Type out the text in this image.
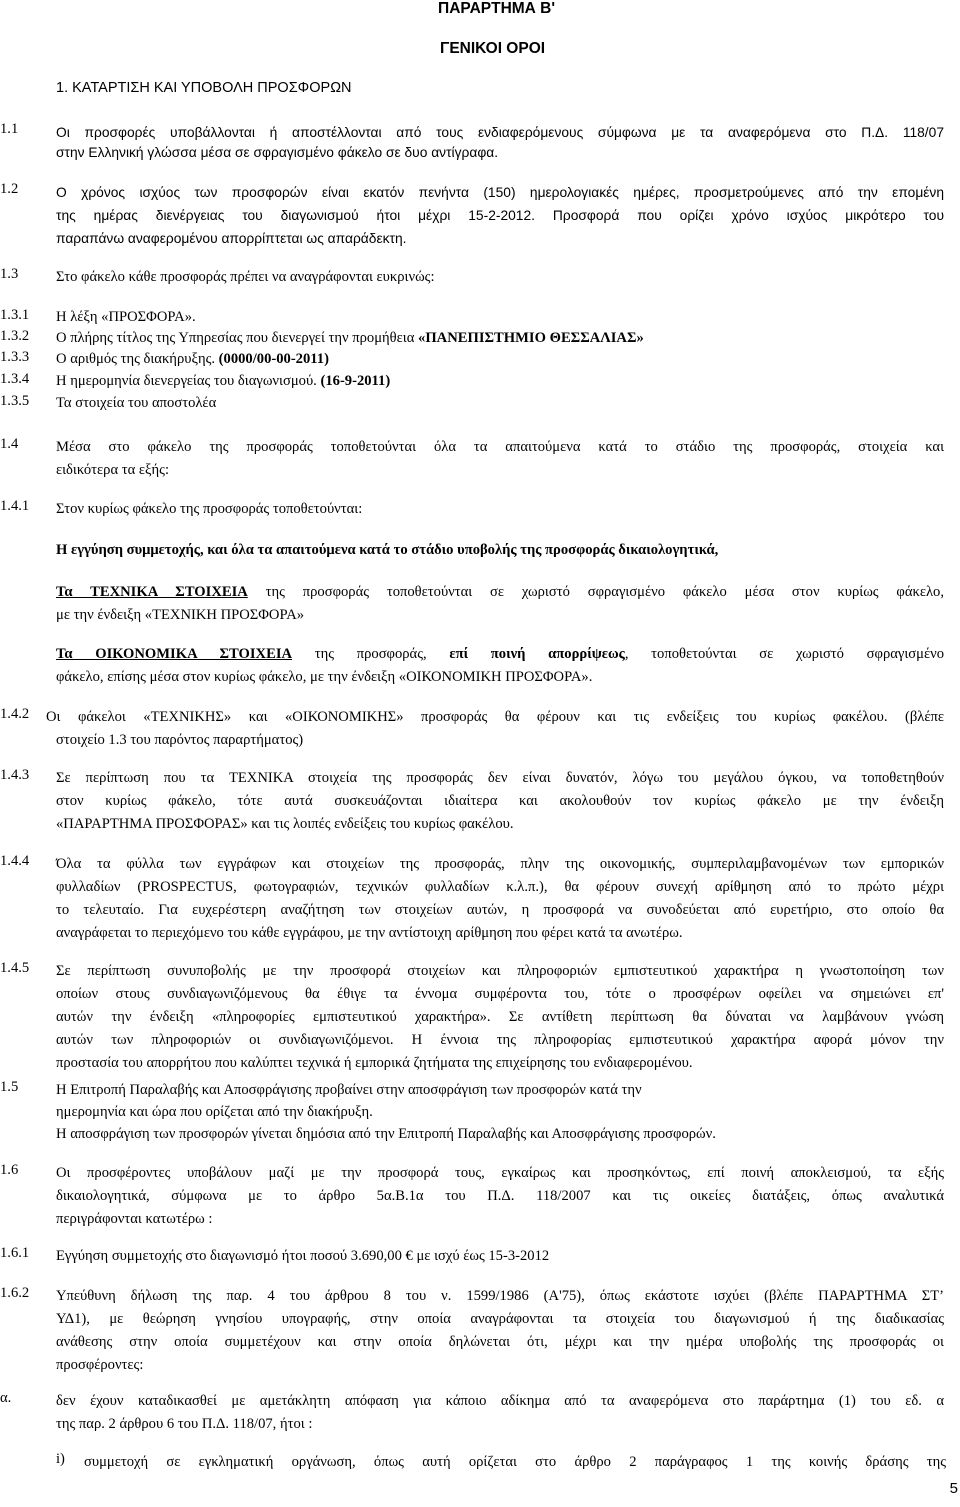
ΠΑΡΑΡΤΗΜΑ Β'
ΓΕΝΙΚΟΙ ΟΡΟΙ
1. ΚΑΤΑΡΤΙΣΗ ΚΑΙ ΥΠΟΒΟΛΗ ΠΡΟΣΦΟΡΩΝ
1.1	Οι προσφορές υποβάλλονται ή αποστέλλονται από τους ενδιαφερόμενους σύμφωνα με τα αναφερόμενα στο Π.Δ. 118/07
στην Ελληνική γλώσσα μέσα σε σφραγισμένο φάκελο σε δυο αντίγραφα.
1.2	Ο χρόνος ισχύος των προσφορών είναι εκατόν πενήντα (150) ημερολογιακές ημέρες, προσμετρούμενες από την επομένη
της ημέρας διενέργειας του διαγωνισμού ήτοι μέχρι 15-2-2012. Προσφορά που ορίζει χρόνο ισχύος μικρότερο του
παραπάνω αναφερομένου απορρίπτεται ως απαράδεκτη.
1.3	Στο φάκελο κάθε προσφοράς πρέπει να αναγράφονται ευκρινώς:
1.3.1 Η λέξη «ΠΡΟΣΦΟΡΑ».
1.3.2 Ο πλήρης τίτλος της Υπηρεσίας που διενεργεί την προμήθεια «ΠΑΝΕΠΙΣΤΗΜΙΟ ΘΕΣΣΑΛΙΑΣ»
1.3.3 Ο αριθμός της διακήρυξης. (0000/00-00-2011)
1.3.4 Η ημερομηνία διενεργείας του διαγωνισμού. (16-9-2011)
1.3.5 Τα στοιχεία του αποστολέα
1.4	Μέσα στο φάκελο της προσφοράς τοποθετούνται όλα τα απαιτούμενα κατά το στάδιο της προσφοράς, στοιχεία και
ειδικότερα τα εξής:
1.4.1 Στον κυρίως φάκελο της προσφοράς τοποθετούνται:
Η εγγύηση συμμετοχής, και όλα τα απαιτούμενα κατά το στάδιο υποβολής της προσφοράς δικαιολογητικά,
Τα ΤΕΧΝΙΚΑ ΣΤΟΙΧΕΙΑ της προσφοράς τοποθετούνται σε χωριστό σφραγισμένο φάκελο μέσα στον κυρίως φάκελο,
με την ένδειξη «ΤΕΧΝΙΚΗ ΠΡΟΣΦΟΡΑ»
Τα ΟΙΚΟΝΟΜΙΚΑ ΣΤΟΙΧΕΙΑ της προσφοράς, επί ποινή απορρίψεως, τοποθετούνται σε χωριστό σφραγισμένο
φάκελο, επίσης μέσα στον κυρίως φάκελο, με την ένδειξη «ΟΙΚΟΝΟΜΙΚΗ ΠΡΟΣΦΟΡΑ».
1.4.2 Οι φάκελοι «ΤΕΧΝΙΚΗΣ» και «ΟΙΚΟΝΟΜΙΚΗΣ» προσφοράς θα φέρουν και τις ενδείξεις του κυρίως φακέλου. (βλέπε
στοιχείο 1.3 του παρόντος παραρτήματος)
1.4.3 Σε περίπτωση που τα ΤΕΧΝΙΚΑ στοιχεία της προσφοράς δεν είναι δυνατόν, λόγω του μεγάλου όγκου, να τοποθετηθούν
στον κυρίως φάκελο, τότε αυτά συσκευάζονται ιδιαίτερα και ακολουθούν τον κυρίως φάκελο με την ένδειξη
«ΠΑΡΑΡΤΗΜΑ ΠΡΟΣΦΟΡΑΣ» και τις λοιπές ενδείξεις του κυρίως φακέλου.
1.4.4 Όλα τα φύλλα των εγγράφων και στοιχείων της προσφοράς, πλην της οικονομικής, συμπεριλαμβανομένων των εμπορικών
φυλλαδίων (PROSPECTUS, φωτογραφιών, τεχνικών φυλλαδίων κ.λ.π.), θα φέρουν συνεχή αρίθμηση από το πρώτο μέχρι
το τελευταίο. Για ευχερέστερη αναζήτηση των στοιχείων αυτών, η προσφορά να συνοδεύεται από ευρετήριο, στο οποίο θα
αναγράφεται το περιεχόμενο του κάθε εγγράφου, με την αντίστοιχη αρίθμηση που φέρει κατά τα ανωτέρω.
1.4.5 Σε περίπτωση συνυποβολής με την προσφορά στοιχείων και πληροφοριών εμπιστευτικού χαρακτήρα η γνωστοποίηση των
οποίων στους συνδιαγωνιζόμενους θα έθιγε τα έννομα συμφέροντα του, τότε ο προσφέρων οφείλει να σημειώνει επ'
αυτών την ένδειξη «πληροφορίες εμπιστευτικού χαρακτήρα». Σε αντίθετη περίπτωση θα δύναται να λαμβάνουν γνώση
αυτών των πληροφοριών οι συνδιαγωνιζόμενοι. Η έννοια της πληροφορίας εμπιστευτικού χαρακτήρα αφορά μόνον την
προστασία του απορρήτου που καλύπτει τεχνικά ή εμπορικά ζητήματα της επιχείρησης του ενδιαφερομένου.
1.5	Η Επιτροπή Παραλαβής και Αποσφράγισης προβαίνει στην αποσφράγιση των προσφορών κατά την
ημερομηνία και ώρα που ορίζεται από την διακήρυξη.
Η αποσφράγιση των προσφορών γίνεται δημόσια από την Επιτροπή Παραλαβής και Αποσφράγισης προσφορών.
1.6	Οι προσφέροντες υποβάλουν μαζί με την προσφορά τους, εγκαίρως και προσηκόντως, επί ποινή αποκλεισμού, τα εξής
δικαιολογητικά, σύμφωνα με το άρθρο 5α.Β.1α του Π.Δ. 118/2007 και τις οικείες διατάξεις, όπως αναλυτικά
περιγράφονται κατωτέρω :
1.6.1 Εγγύηση συμμετοχής στο διαγωνισμό ήτοι ποσού 3.690,00 € με ισχύ έως 15-3-2012
1.6.2 Υπεύθυνη δήλωση της παρ. 4 του άρθρου 8 του ν. 1599/1986 (Α'75), όπως εκάστοτε ισχύει (βλέπε ΠΑΡΑΡΤΗΜΑ ΣΤ’
ΥΔ1), με θεώρηση γνησίου υπογραφής, στην οποία αναγράφονται τα στοιχεία του διαγωνισμού ή της διαδικασίας
ανάθεσης στην οποία συμμετέχουν και στην οποία δηλώνεται ότι, μέχρι και την ημέρα υποβολής της προσφοράς οι
προσφέροντες:
α.	δεν έχουν καταδικασθεί με αμετάκλητη απόφαση για κάποιο αδίκημα από τα αναφερόμενα στο παράρτημα (1) του εδ. α
της παρ. 2 άρθρου 6 του Π.Δ. 118/07, ήτοι :
i) συμμετοχή σε εγκληματική οργάνωση, όπως αυτή ορίζεται στο άρθρο 2 παράγραφος 1 της κοινής δράσης της
5
